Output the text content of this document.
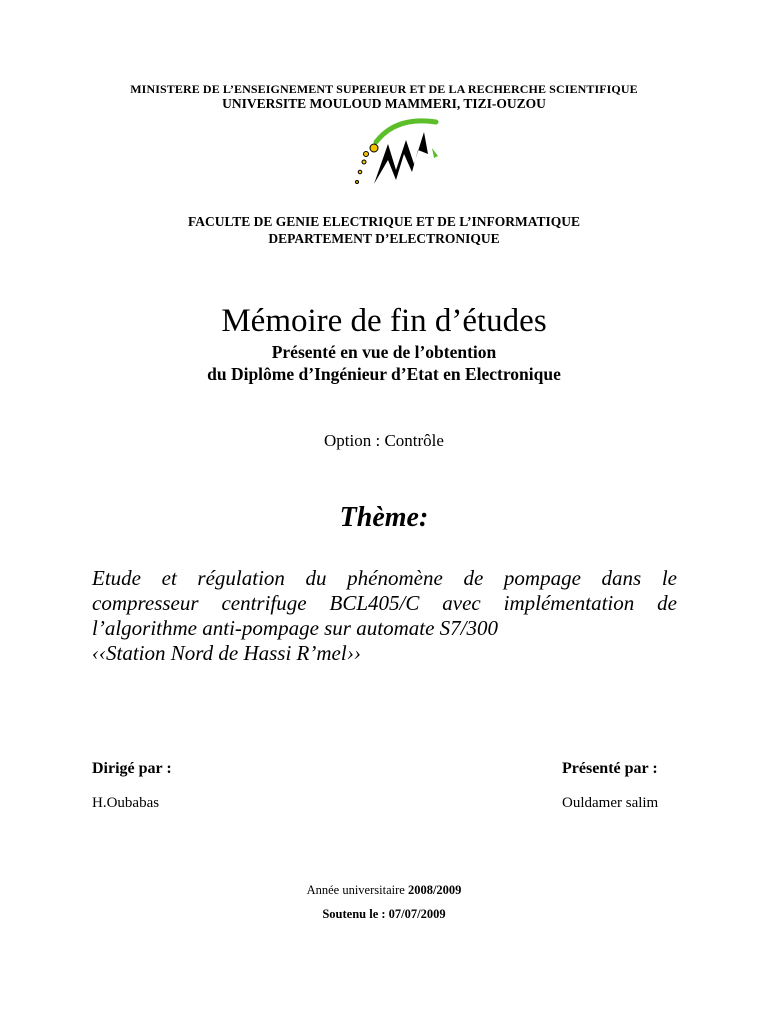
MINISTERE DE L’ENSEIGNEMENT SUPERIEUR ET DE LA RECHERCHE SCIENTIFIQUE
UNIVERSITE MOULOUD MAMMERI, TIZI-OUZOU
FACULTE DE GENIE ELECTRIQUE ET DE L’INFORMATIQUE
DEPARTEMENT D’ELECTRONIQUE
Mémoire de fin d’études
Présenté en vue de l’obtention
du Diplôme d’Ingénieur d’Etat en Electronique
Option : Contrôle
Thème:
Etude et régulation du phénomène de pompage dans le
compresseur centrifuge BCL405/C avec implémentation de
l’algorithme anti-pompage sur automate S7/300
‹‹Station Nord de Hassi R’mel››
Dirigé par :	Présenté par :
H.Oubabas	Ouldamer salim
Année universitaire 2008/2009
Soutenu le : 07/07/2009
